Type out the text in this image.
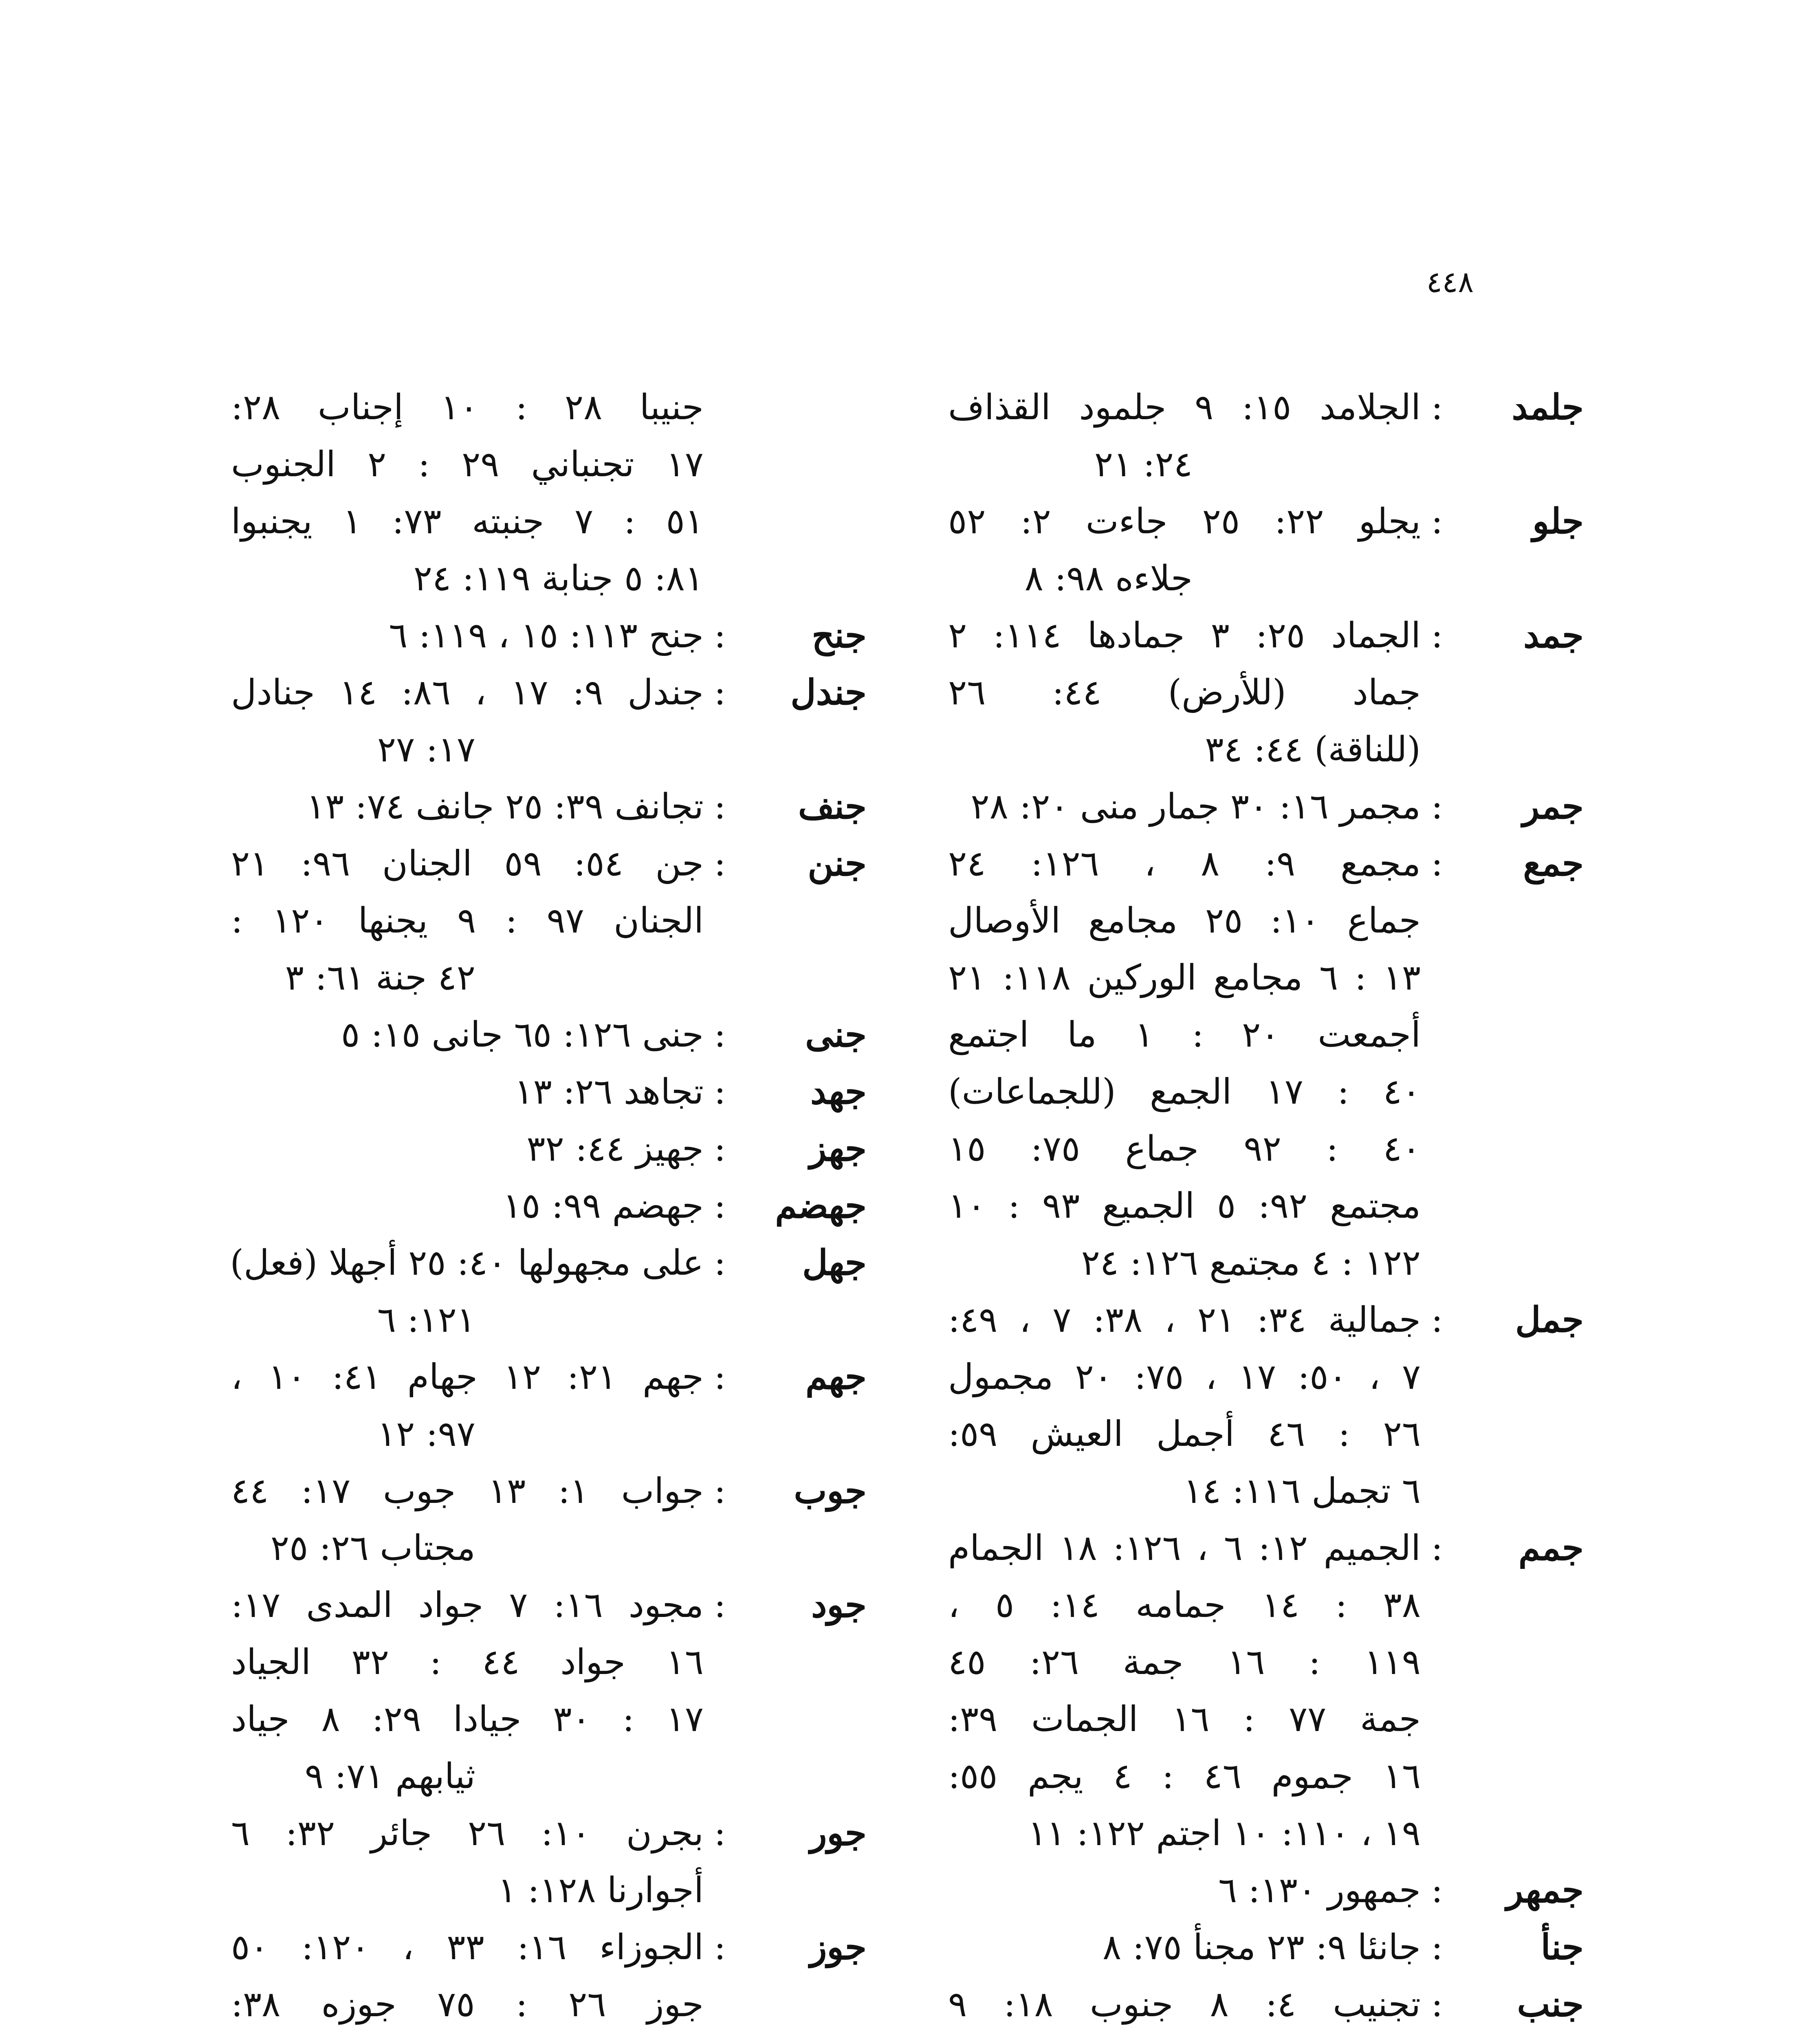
٤٤٨
جلمد
:
الجلامد ١٥: ٩ جلمود القذاف
٢٤: ٢١
جلو
:
يجلو ٢٢: ٢٥ جاءت ٢: ٥٢
جلاءه ٩٨: ٨
جمد
:
الجماد ٢٥: ٣ جمادها ١١٤: ٢
جماد (للأرض) ٤٤: ٢٦
(للناقة) ٤٤: ٣٤
جمر
:
مجمر ١٦: ٣٠ جمار منى ٢٠: ٢٨
جمع
:
مجمع ٩: ٨ ، ١٢٦: ٢٤
جماع ١٠: ٢٥ مجامع الأوصال
١٣ : ٦ مجامع الوركين ١١٨: ٢١
أجمعت ٢٠ : ١ ما اجتمع
٤٠ : ١٧ الجمع (للجماعات)
٤٠ : ٩٢ جماع ٧٥: ١٥
مجتمع ٩٢: ٥ الجميع ٩٣ : ١٠
١٢٢ : ٤ مجتمع ١٢٦: ٢٤
جمل
:
جمالية ٣٤: ٢١ ، ٣٨: ٧ ، ٤٩:
٧ ، ٥٠: ١٧ ، ٧٥: ٢٠ مجمول
٢٦ : ٤٦ أجمل العيش ٥٩:
٦ تجمل ١١٦: ١٤
جمم
:
الجميم ١٢: ٦ ، ١٢٦: ١٨ الجمام
٣٨ : ١٤ جمامه ١٤: ٥ ،
١١٩ : ١٦ جمة ٢٦: ٤٥
جمة ٧٧ : ١٦ الجمات ٣٩:
١٦ جموم ٤٦ : ٤ يجم ٥٥:
١٩ ، ١١٠: ١٠ اجتم ١٢٢: ١١
جمهر
:
جمهور ١٣٠: ٦
جنأ
:
جانئا ٩: ٢٣ مجنأ ٧٥: ٨
جنب
:
تجنيب ٤: ٨ جنوب ١٨: ٩
جنيبا ٢٨ : ١٠ إجناب ٢٨:
١٧ تجنباني ٢٩ : ٢ الجنوب
٥١ : ٧ جنبته ٧٣: ١ يجنبوا
٨١: ٥ جنابة ١١٩: ٢٤
جنح
:
جنح ١١٣: ١٥ ، ١١٩: ٦
جندل
:
جندل ٩: ١٧ ، ٨٦: ١٤ جنادل
١٧: ٢٧
جنف
:
تجانف ٣٩: ٢٥ جانف ٧٤: ١٣
جنن
:
جن ٥٤: ٥٩ الجنان ٩٦: ٢١
الجنان ٩٧ : ٩ يجنها ١٢٠ :
٤٢ جنة ٦١: ٣
جنى
:
جنى ١٢٦: ٦٥ جانى ١٥: ٥
جهد
:
تجاهد ٢٦: ١٣
جهز
:
جهيز ٤٤: ٣٢
جهضم
:
جهضم ٩٩: ١٥
جهل
:
على مجهولها ٤٠: ٢٥ أجهلا (فعل)
١٢١: ٦
جهم
:
جهم ٢١: ١٢ جهام ٤١: ١٠ ،
٩٧: ١٢
جوب
:
جواب ١: ١٣ جوب ١٧: ٤٤
مجتاب ٢٦: ٢٥
جود
:
مجود ١٦: ٧ جواد المدى ١٧:
١٦ جواد ٤٤ : ٣٢ الجياد
١٧ : ٣٠ جيادا ٢٩: ٨ جياد
ثيابهم ٧١: ٩
جور
:
بجرن ١٠: ٢٦ جائر ٣٢: ٦
أجوارنا ١٢٨: ١
جوز
:
الجوزاء ١٦: ٣٣ ، ١٢٠: ٥٠
جوز ٢٦ : ٧٥ جوزه ٣٨:
